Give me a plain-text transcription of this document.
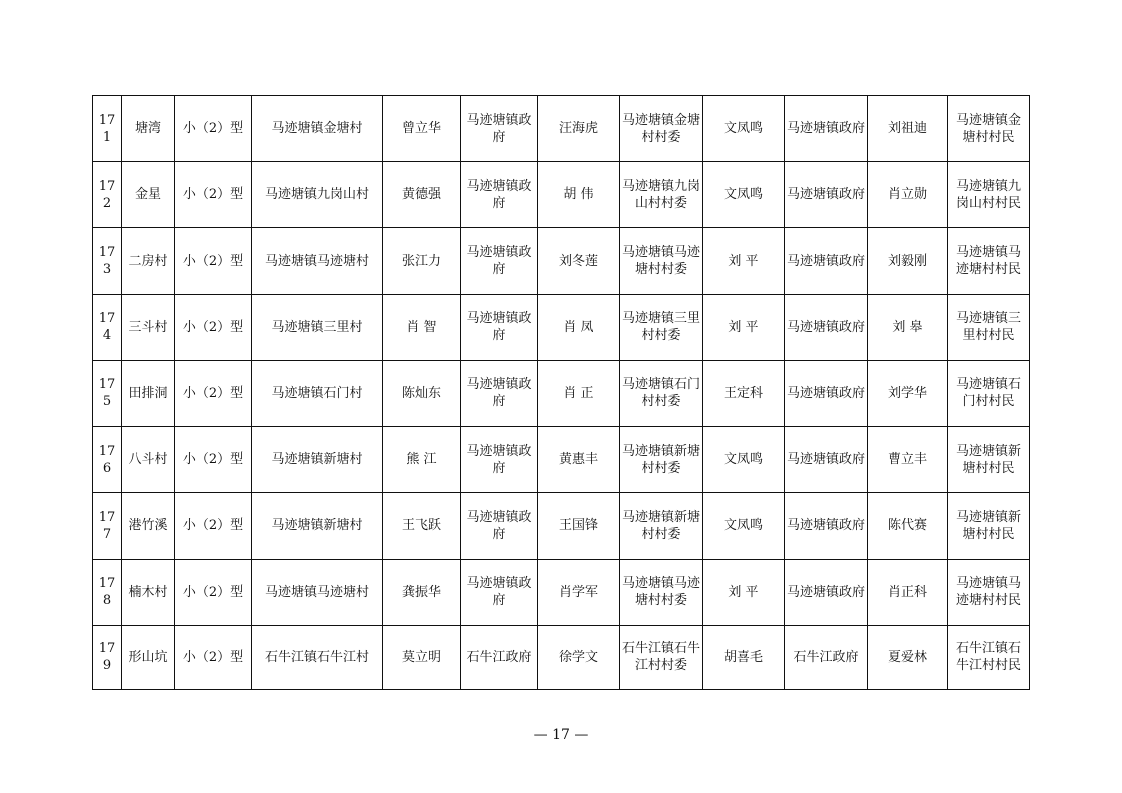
171	塘湾	小（2）型	马迹塘镇金塘村	曾立华	马迹塘镇政府	汪海虎	马迹塘镇金塘村村委	文凤鸣	马迹塘镇政府	刘祖迪	马迹塘镇金塘村村民
172	金星	小（2）型	马迹塘镇九岗山村	黄德强	马迹塘镇政府	胡 伟	马迹塘镇九岗山村村委	文凤鸣	马迹塘镇政府	肖立勋	马迹塘镇九岗山村村民
173	二房村	小（2）型	马迹塘镇马迹塘村	张江力	马迹塘镇政府	刘冬莲	马迹塘镇马迹塘村村委	刘 平	马迹塘镇政府	刘毅刚	马迹塘镇马迹塘村村民
174	三斗村	小（2）型	马迹塘镇三里村	肖 智	马迹塘镇政府	肖 凤	马迹塘镇三里村村委	刘 平	马迹塘镇政府	刘 皋	马迹塘镇三里村村民
175	田排洞	小（2）型	马迹塘镇石门村	陈灿东	马迹塘镇政府	肖 正	马迹塘镇石门村村委	王定科	马迹塘镇政府	刘学华	马迹塘镇石门村村民
176	八斗村	小（2）型	马迹塘镇新塘村	熊 江	马迹塘镇政府	黄惠丰	马迹塘镇新塘村村委	文凤鸣	马迹塘镇政府	曹立丰	马迹塘镇新塘村村民
177	港竹溪	小（2）型	马迹塘镇新塘村	王飞跃	马迹塘镇政府	王国锋	马迹塘镇新塘村村委	文凤鸣	马迹塘镇政府	陈代赛	马迹塘镇新塘村村民
178	楠木村	小（2）型	马迹塘镇马迹塘村	龚振华	马迹塘镇政府	肖学军	马迹塘镇马迹塘村村委	刘 平	马迹塘镇政府	肖正科	马迹塘镇马迹塘村村民
179	形山坑	小（2）型	石牛江镇石牛江村	莫立明	石牛江政府	徐学文	石牛江镇石牛江村村委	胡喜毛	石牛江政府	夏爱林	石牛江镇石牛江村村民
— 17 —
